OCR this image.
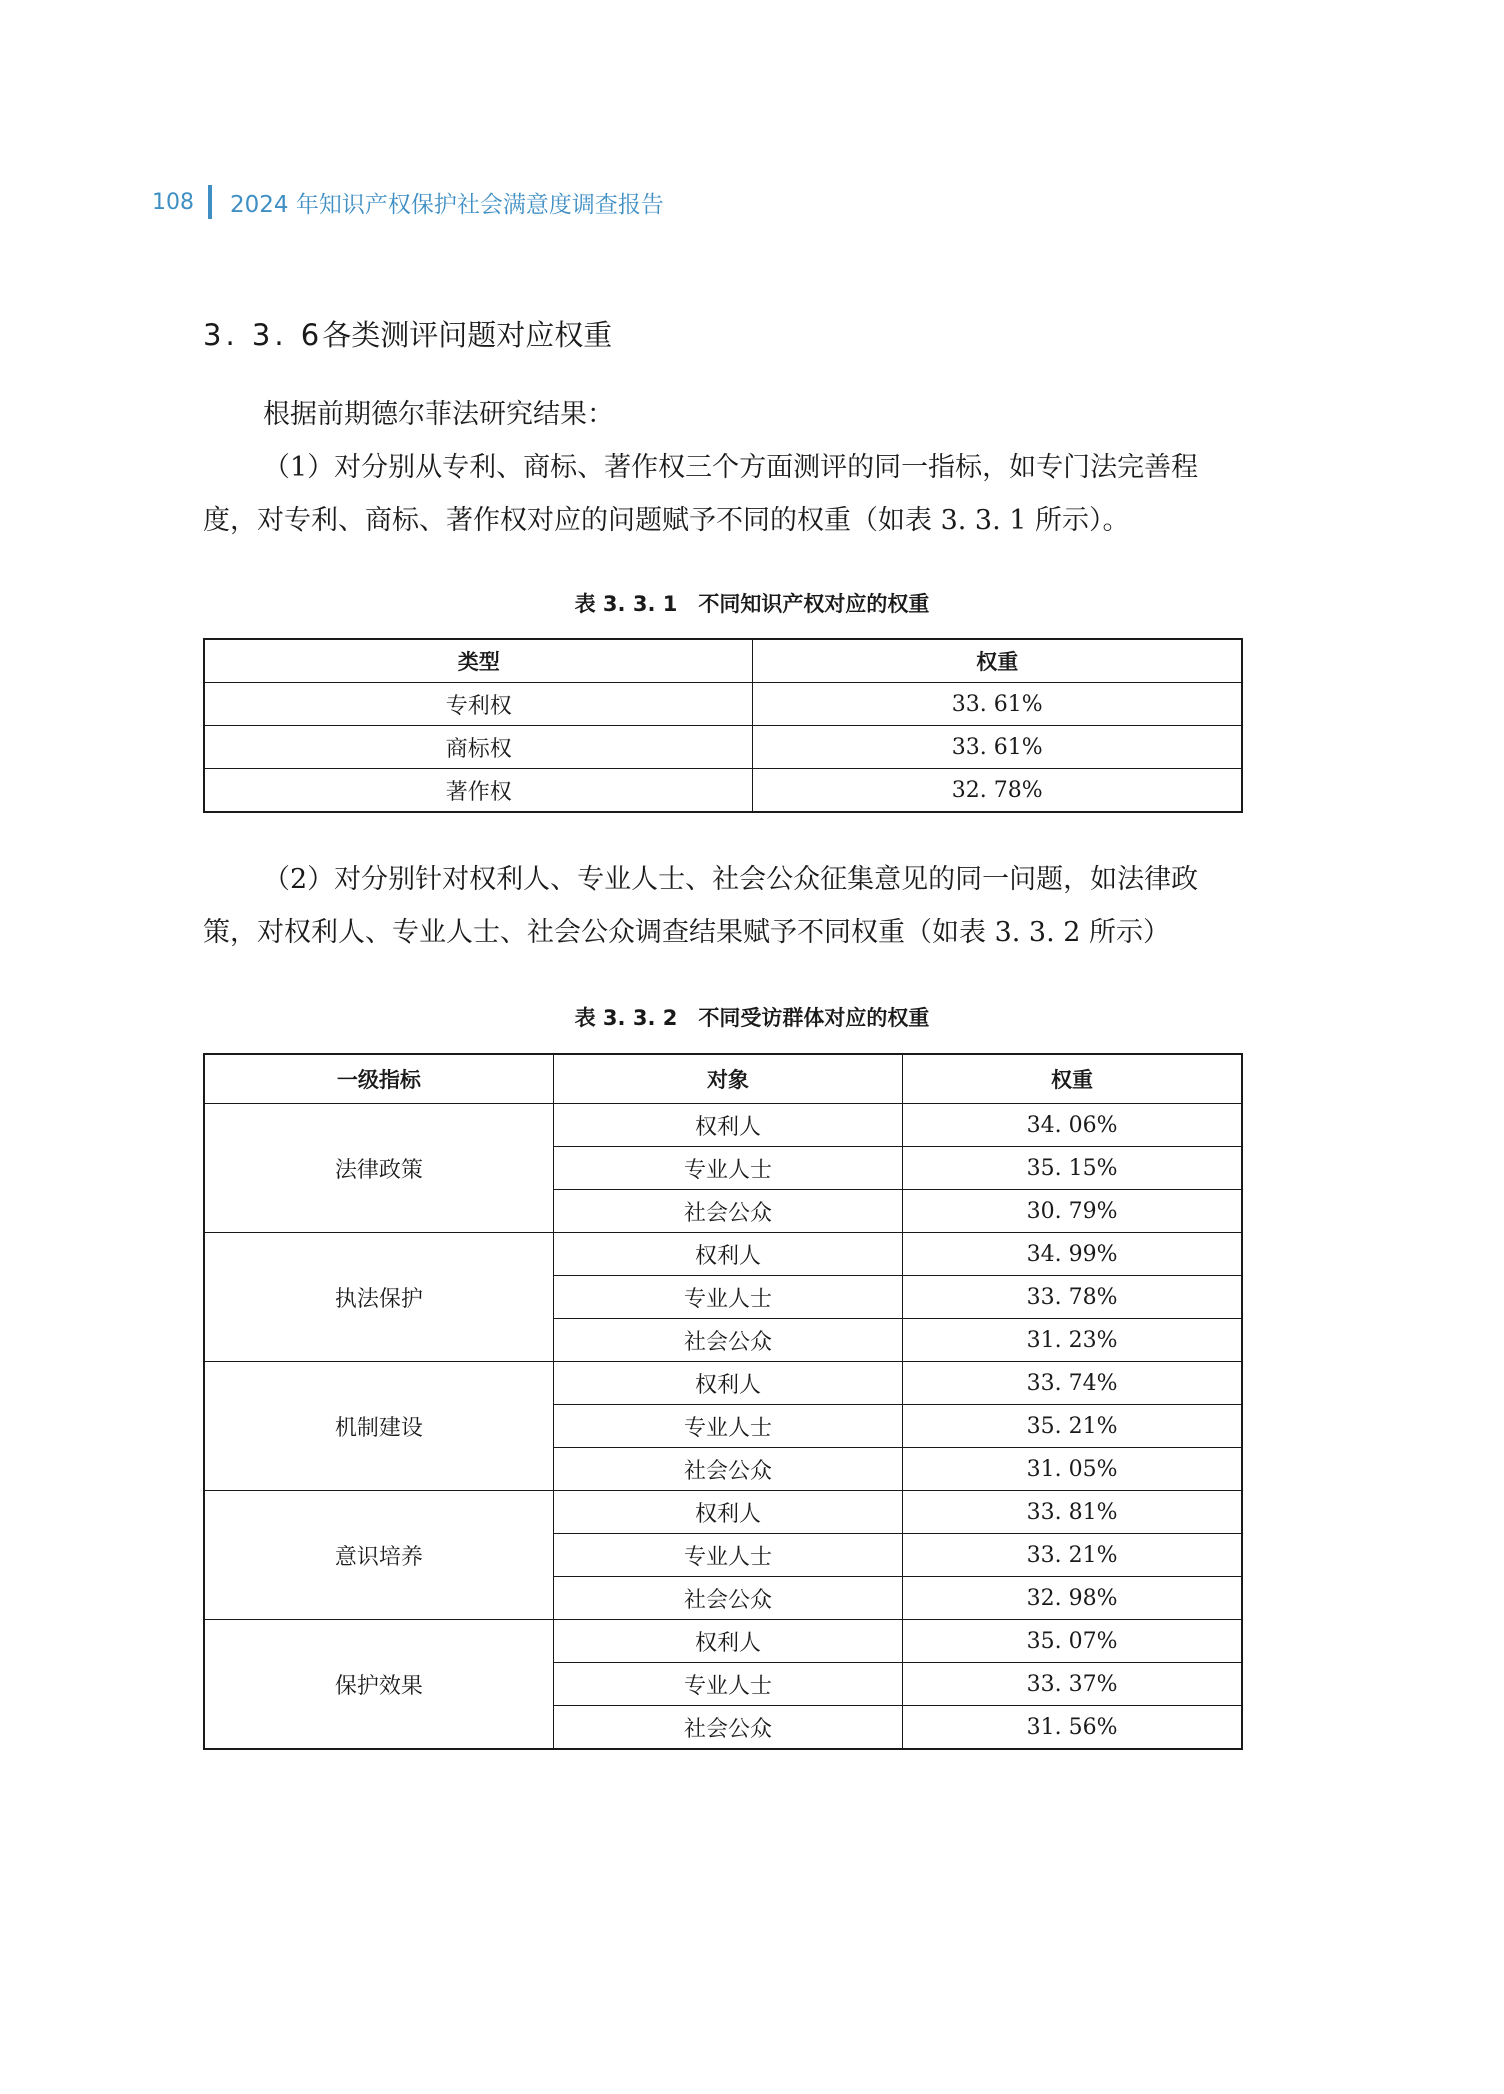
108 2024 年知识产权保护社会满意度调查报告
3. 3. 6 各类测评问题对应权重
根据前期德尔菲法研究结果：
（1）对分别从专利、商标、著作权三个方面测评的同一指标，如专门法完善程度，对专利、商标、著作权对应的问题赋予不同的权重（如表 3. 3. 1 所示）。
表 3. 3. 1　不同知识产权对应的权重
类型	权重
专利权	33. 61%
商标权	33. 61%
著作权	32. 78%
（2）对分别针对权利人、专业人士、社会公众征集意见的同一问题，如法律政策，对权利人、专业人士、社会公众调查结果赋予不同权重（如表 3. 3. 2 所示）
表 3. 3. 2　不同受访群体对应的权重
一级指标	对象	权重
法律政策	权利人	34. 06%
	专业人士	35. 15%
	社会公众	30. 79%
执法保护	权利人	34. 99%
	专业人士	33. 78%
	社会公众	31. 23%
机制建设	权利人	33. 74%
	专业人士	35. 21%
	社会公众	31. 05%
意识培养	权利人	33. 81%
	专业人士	33. 21%
	社会公众	32. 98%
保护效果	权利人	35. 07%
	专业人士	33. 37%
	社会公众	31. 56%
